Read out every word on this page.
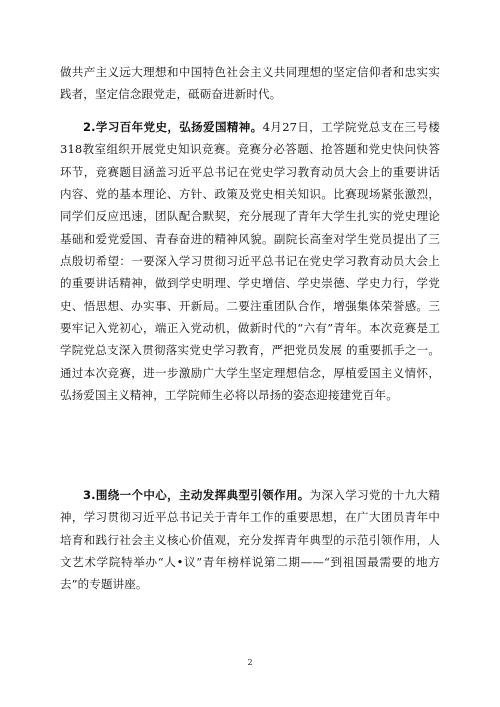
做共产主义远大理想和中国特色社会主义共同理想的坚定信仰者和忠实实践者，坚定信念跟党走，砥砺奋进新时代。

2.学习百年党史，弘扬爱国精神。4月27日，工学院党总支在三号楼318教室组织开展党史知识竞赛。竞赛分必答题、抢答题和党史快问快答环节，竞赛题目涵盖习近平总书记在党史学习教育动员大会上的重要讲话内容、党的基本理论、方针、政策及党史相关知识。比赛现场紧张激烈，同学们反应迅速，团队配合默契，充分展现了青年大学生扎实的党史理论基础和爱党爱国、青春奋进的精神风貌。副院长高奎对学生党员提出了三点殷切希望：一要深入学习贯彻习近平总书记在党史学习教育动员大会上的重要讲话精神，做到学史明理、学史增信、学史崇德、学史力行，学党史、悟思想、办实事、开新局。二要注重团队合作，增强集体荣誉感。三要牢记入党初心，端正入党动机，做新时代的“六有”青年。本次竞赛是工学院党总支深入贯彻落实党史学习教育，严把党员发展 的重要抓手之一。通过本次竞赛，进一步激励广大学生坚定理想信念，厚植爱国主义情怀，弘扬爱国主义精神，工学院师生必将以昂扬的姿态迎接建党百年。

3.围绕一个中心，主动发挥典型引领作用。为深入学习党的十九大精神，学习贯彻习近平总书记关于青年工作的重要思想，在广大团员青年中培育和践行社会主义核心价值观，充分发挥青年典型的示范引领作用，人文艺术学院特举办“人•议”青年榜样说第二期——“到祖国最需要的地方去”的专题讲座。

2
